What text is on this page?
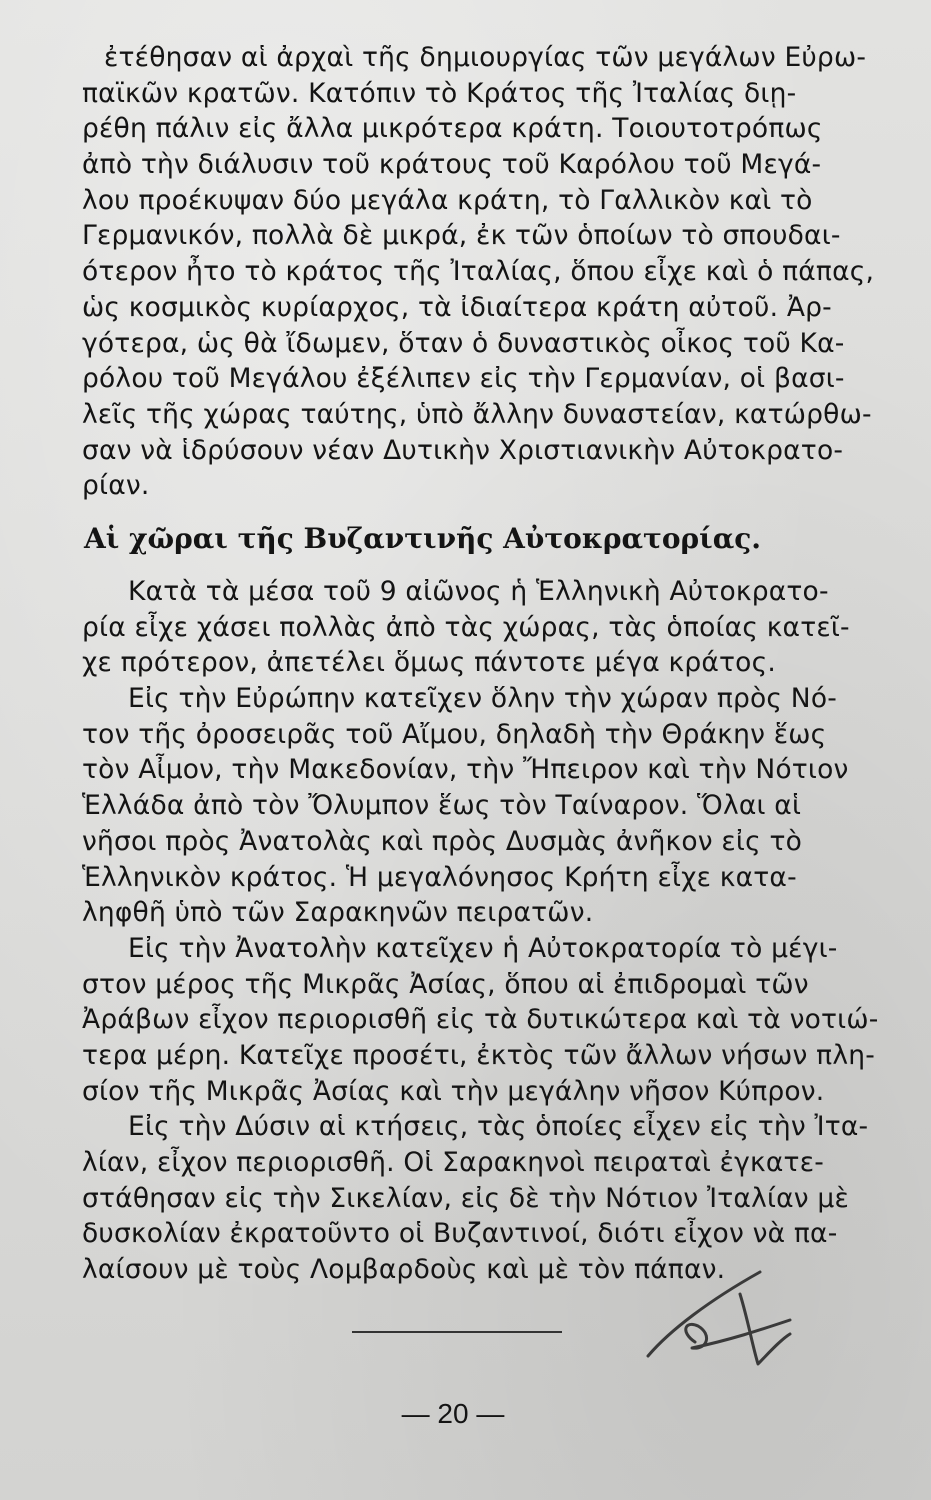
ἐτέθησαν αἱ ἀρχαὶ τῆς δημιουργίας τῶν μεγάλων Εὐρω-
παϊκῶν κρατῶν. Κατόπιν τὸ Κράτος τῆς Ἰταλίας διῃ-
ρέθη πάλιν εἰς ἄλλα μικρότερα κράτη. Τοιουτοτρόπως
ἀπὸ τὴν διάλυσιν τοῦ κράτους τοῦ Καρόλου τοῦ Μεγά-
λου προέκυψαν δύο μεγάλα κράτη, τὸ Γαλλικὸν καὶ τὸ
Γερμανικόν, πολλὰ δὲ μικρά, ἐκ τῶν ὁποίων τὸ σπουδαι-
ότερον ἦτο τὸ κράτος τῆς Ἰταλίας, ὅπου εἶχε καὶ ὁ πάπας,
ὡς κοσμικὸς κυρίαρχος, τὰ ἰδιαίτερα κράτη αὐτοῦ. Ἀρ-
γότερα, ὡς θὰ ἴδωμεν, ὅταν ὁ δυναστικὸς οἶκος τοῦ Κα-
ρόλου τοῦ Μεγάλου ἐξέλιπεν εἰς τὴν Γερμανίαν, οἱ βασι-
λεῖς τῆς χώρας ταύτης, ὑπὸ ἄλλην δυναστείαν, κατώρθω-
σαν νὰ ἱδρύσουν νέαν Δυτικὴν Χριστιανικὴν Αὐτοκρατο-
ρίαν.
Αἱ χῶραι τῆς Βυζαντινῆς Αὐτοκρατορίας.
Κατὰ τὰ μέσα τοῦ 9 αἰῶνος ἡ Ἑλληνικὴ Αὐτοκρατο-
ρία εἶχε χάσει πολλὰς ἀπὸ τὰς χώρας, τὰς ὁποίας κατεῖ-
χε πρότερον, ἀπετέλει ὅμως πάντοτε μέγα κράτος.
Εἰς τὴν Εὐρώπην κατεῖχεν ὅλην τὴν χώραν πρὸς Νό-
τον τῆς ὀροσειρᾶς τοῦ Αἴμου, δηλαδὴ τὴν Θράκην ἕως
τὸν Αἶμον, τὴν Μακεδονίαν, τὴν Ἤπειρον καὶ τὴν Νότιον
Ἑλλάδα ἀπὸ τὸν Ὄλυμπον ἕως τὸν Ταίναρον. Ὅλαι αἱ
νῆσοι πρὸς Ἀνατολὰς καὶ πρὸς Δυσμὰς ἀνῆκον εἰς τὸ
Ἑλληνικὸν κράτος. Ἡ μεγαλόνησος Κρήτη εἶχε κατα-
ληφθῆ ὑπὸ τῶν Σαρακηνῶν πειρατῶν.
Εἰς τὴν Ἀνατολὴν κατεῖχεν ἡ Αὐτοκρατορία τὸ μέγι-
στον μέρος τῆς Μικρᾶς Ἀσίας, ὅπου αἱ ἐπιδρομαὶ τῶν
Ἀράβων εἶχον περιορισθῆ εἰς τὰ δυτικώτερα καὶ τὰ νοτιώ-
τερα μέρη. Κατεῖχε προσέτι, ἐκτὸς τῶν ἄλλων νήσων πλη-
σίον τῆς Μικρᾶς Ἀσίας καὶ τὴν μεγάλην νῆσον Κύπρον.
Εἰς τὴν Δύσιν αἱ κτήσεις, τὰς ὁποίες εἶχεν εἰς τὴν Ἰτα-
λίαν, εἶχον περιορισθῆ. Οἱ Σαρακηνοὶ πειραταὶ ἐγκατε-
στάθησαν εἰς τὴν Σικελίαν, εἰς δὲ τὴν Νότιον Ἰταλίαν μὲ
δυσκολίαν ἐκρατοῦντο οἱ Βυζαντινοί, διότι εἶχον νὰ πα-
λαίσουν μὲ τοὺς Λομβαρδοὺς καὶ μὲ τὸν πάπαν.
— 20 —
